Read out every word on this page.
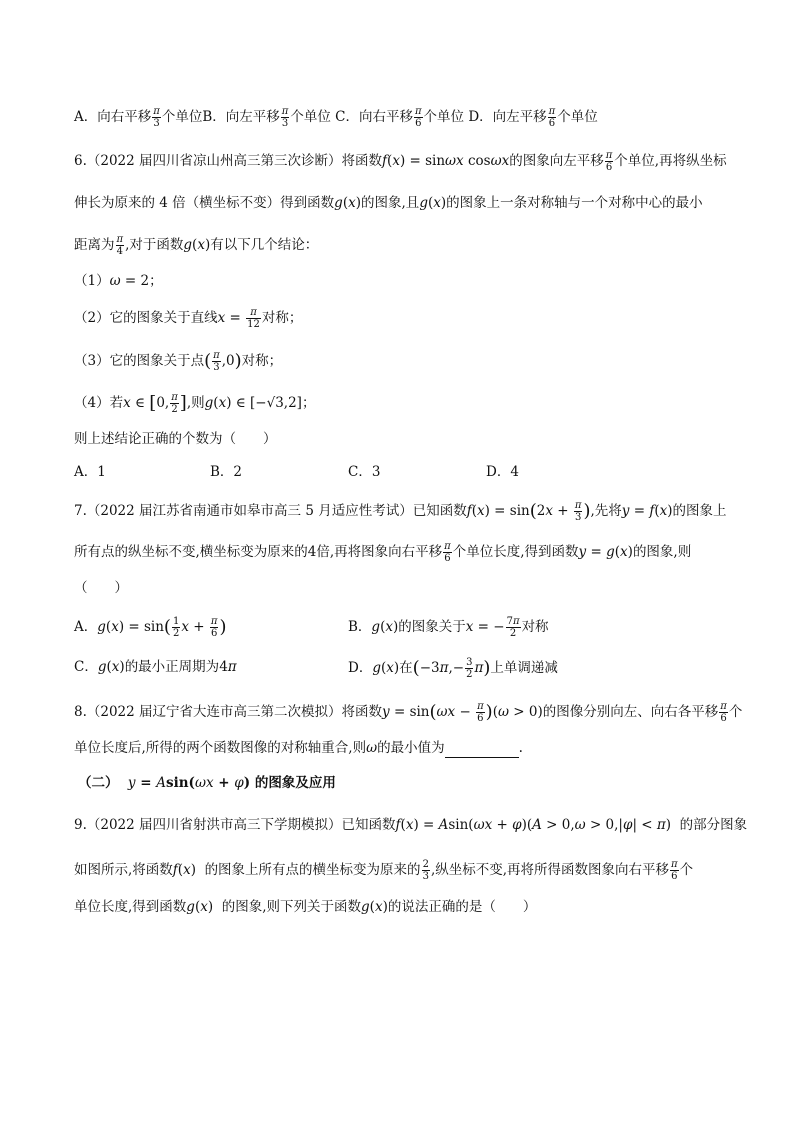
A．向右平移 $\frac{\pi}{3}$ 个单位B．向左平移 $\frac{\pi}{3}$ 个单位 C．向右平移 $\frac{\pi}{6}$ 个单位 D．向左平移 $\frac{\pi}{6}$ 个单位
6.（2022 届四川省凉山州高三第三次诊断）将函数f(x) = sinωx cosωx的图象向左平移 $\frac{\pi}{6}$ 个单位,再将纵坐标
伸长为原来的 4 倍（横坐标不变）得到函数g(x)的图象,且g(x)的图象上一条对称轴与一个对称中心的最小
距离为 $\frac{\pi}{4}$ ,对于函数g(x)有以下几个结论：
（1）ω = 2；
（2）它的图象关于直线$x = \frac{\pi}{12}$ 对称；
（3）它的图象关于点( $\frac{\pi}{3} ,0$)对称；
（4）若x ∈ [0, $\frac{\pi}{2}$ ],则g(x) ∈ [−√3,2]；
则上述结论正确的个数为（　　）
A．1	B．2	C．3	D．4
7.（2022 届江苏省南通市如皋市高三 5 月适应性考试）已知函数$f(x) = \sin(2x + \frac{\pi}{3}$ ),先将y = f(x)的图象上
所有点的纵坐标不变,横坐标变为原来的4倍,再将图象向右平移 $\frac{\pi}{6}$ 个单位长度,得到函数y = g(x)的图象,则
（　　）
A．$g(x) = \sin( \frac{1}{2}$ $x + \frac{\pi}{6}$ )	B．g(x)的图象关于x = − $\frac{7\pi}{2}$ 对称
C．g(x)的最小正周期为4π	D．g(x)在$(-3\pi,- \frac{3}{2} \pi)$上单调递减
8.（2022 届辽宁省大连市高三第二次模拟）将函数$y = \sin(\omega x - \frac{\pi}{6} )(\omega > 0)$的图像分别向左、向右各平移 $\frac{\pi}{6}$ 个
单位长度后,所得的两个函数图像的对称轴重合,则ω的最小值为	.
（二） y = Asin(ωx + φ) 的图象及应用
9.（2022 届四川省射洪市高三下学期模拟）已知函数f(x) = Asin(ωx + φ)(A > 0,ω > 0,|φ| < π)  的部分图象
如图所示,将函数f(x)  的图象上所有点的横坐标变为原来的 $\frac{2}{3}$ ,纵坐标不变,再将所得函数图象向右平移 $\frac{\pi}{6}$ 个
单位长度,得到函数g(x)  的图象,则下列关于函数g(x)的说法正确的是（　　）
